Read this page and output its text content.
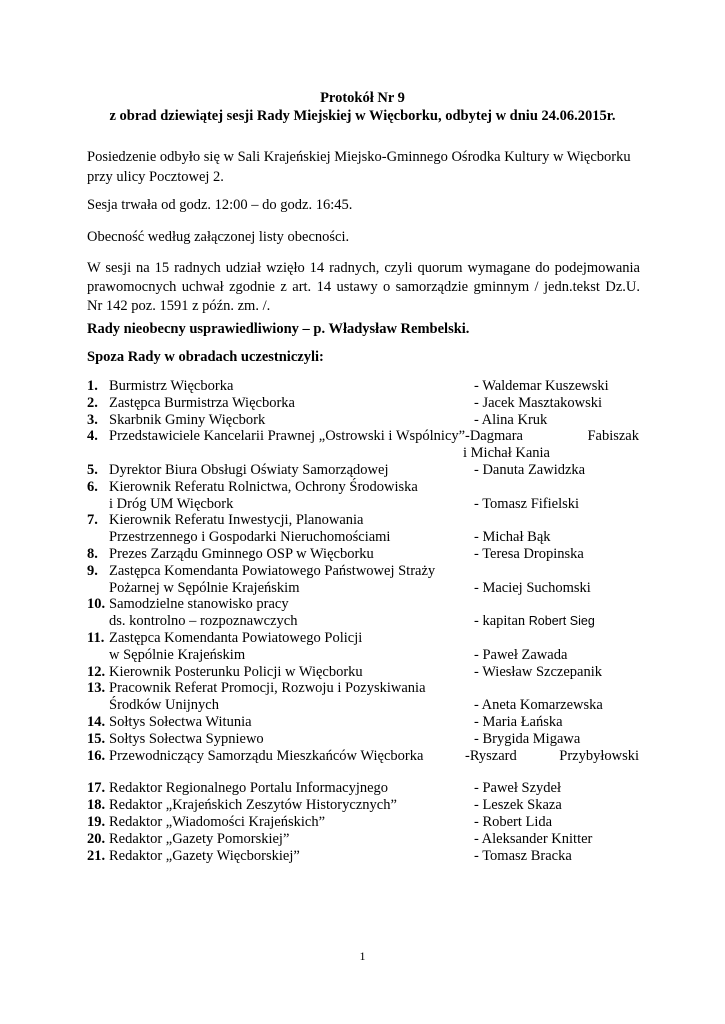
Protokół Nr 9
z obrad dziewiątej sesji Rady Miejskiej w Więcborku, odbytej w dniu 24.06.2015r.
Posiedzenie odbyło się w Sali Krajeńskiej Miejsko-Gminnego Ośrodka Kultury w Więcborku
przy ulicy Pocztowej 2.
Sesja trwała od godz. 12:00 – do godz. 16:45.
Obecność według załączonej listy obecności.
W sesji na 15 radnych udział wzięło 14 radnych, czyli quorum wymagane do podejmowania
prawomocnych uchwał zgodnie z art. 14 ustawy o samorządzie gminnym / jedn.tekst Dz.U.
Nr 142 poz. 1591 z późn. zm. /.
Rady nieobecny usprawiedliwiony – p. Władysław Rembelski.
Spoza Rady w obradach uczestniczyli:
1. Burmistrz Więcborka	- Waldemar Kuszewski
2. Zastępca Burmistrza Więcborka	- Jacek Masztakowski
3. Skarbnik Gminy Więcbork	- Alina Kruk
4. Przedstawiciele Kancelarii Prawnej „Ostrowski i Wspólnicy” -Dagmara	Fabiszak
i Michał Kania
5. Dyrektor Biura Obsługi Oświaty Samorządowej	- Danuta Zawidzka
6. Kierownik Referatu Rolnictwa, Ochrony Środowiska
i Dróg UM Więcbork	- Tomasz Fifielski
7. Kierownik Referatu Inwestycji, Planowania
Przestrzennego i Gospodarki Nieruchomościami	- Michał Bąk
8. Prezes Zarządu Gminnego OSP w Więcborku	- Teresa Dropinska
9. Zastępca Komendanta Powiatowego Państwowej Straży
Pożarnej w Sępólnie Krajeńskim	- Maciej Suchomski
10. Samodzielne stanowisko pracy
ds. kontrolno – rozpoznawczych	- kapitan Robert Sieg
11. Zastępca Komendanta Powiatowego Policji
w Sępólnie Krajeńskim	- Paweł Zawada
12. Kierownik Posterunku Policji w Więcborku	- Wiesław Szczepanik
13. Pracownik Referat Promocji, Rozwoju i Pozyskiwania
Środków Unijnych	- Aneta Komarzewska
14. Sołtys Sołectwa Witunia	- Maria Łańska
15. Sołtys Sołectwa Sypniewo	- Brygida Migawa
16. Przewodniczący Samorządu Mieszkańców Więcborka	-Ryszard	Przybyłowski
17. Redaktor Regionalnego Portalu Informacyjnego	- Paweł Szydeł
18. Redaktor „Krajeńskich Zeszytów Historycznych”	- Leszek Skaza
19. Redaktor „Wiadomości Krajeńskich”	- Robert Lida
20. Redaktor „Gazety Pomorskiej”	- Aleksander Knitter
21. Redaktor „Gazety Więcborskiej”	- Tomasz Bracka
1
